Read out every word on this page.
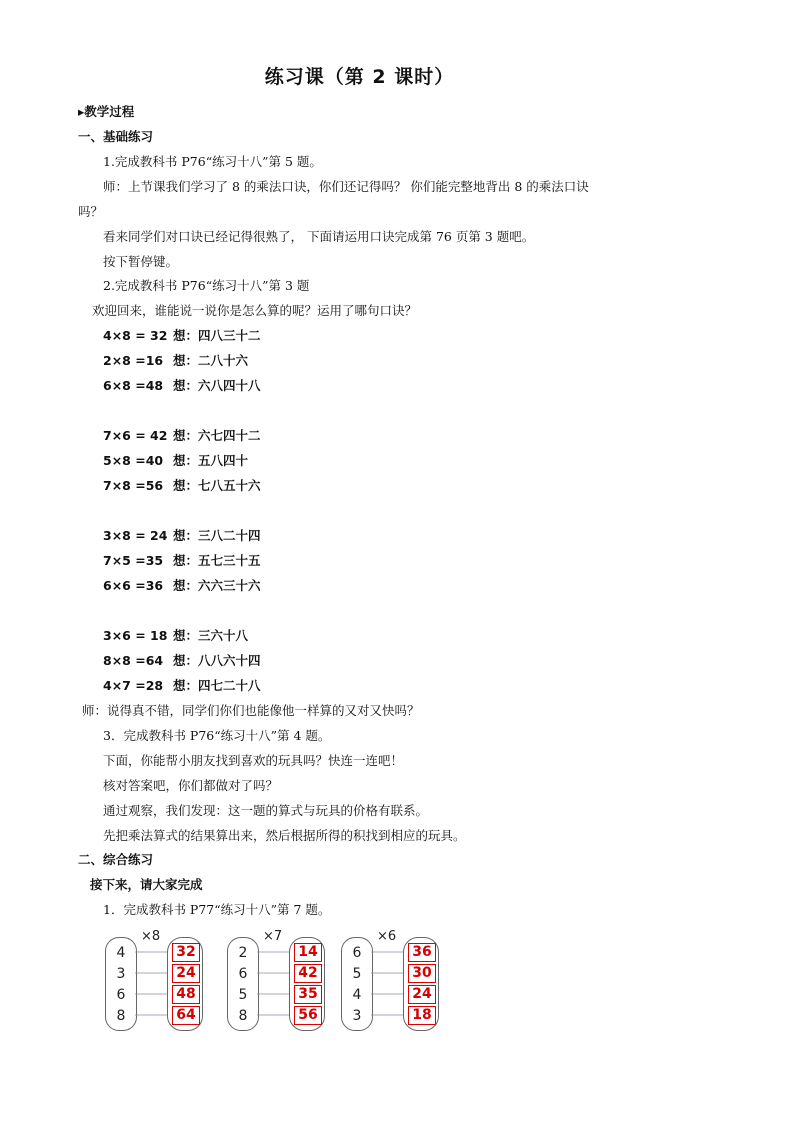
练习课（第 2 课时）
▸教学过程
一、基础练习
1.完成教科书 P76“练习十八”第 5 题。
师：上节课我们学习了 8 的乘法口诀，你们还记得吗？ 你们能完整地背出 8 的乘法口诀
吗？
看来同学们对口诀已经记得很熟了， 下面请运用口诀完成第 76 页第 3 题吧。
按下暂停键。
2.完成教科书 P76“练习十八”第 3 题
欢迎回来，谁能说一说你是怎么算的呢？运用了哪句口诀？
4×8 = 32 想：四八三十二
2×8 =16 想：二八十六
6×8 =48 想：六八四十八
7×6 = 42 想：六七四十二
5×8 =40 想：五八四十
7×8 =56 想：七八五十六
3×8 = 24 想：三八二十四
7×5 =35 想：五七三十五
6×6 =36 想：六六三十六
3×6 = 18 想：三六十八
8×8 =64 想：八八六十四
4×7 =28 想：四七二十八
师：说得真不错，同学们你们也能像他一样算的又对又快吗？
3．完成教科书 P76“练习十八”第 4 题。
下面，你能帮小朋友找到喜欢的玩具吗？快连一连吧！
核对答案吧，你们都做对了吗？
通过观察，我们发现：这一题的算式与玩具的价格有联系。
先把乘法算式的结果算出来，然后根据所得的积找到相应的玩具。
二、综合练习
接下来，请大家完成
1．完成教科书 P77“练习十八”第 7 题。
×8
4
3
6
8
32
24
48
64
×7
2
6
5
8
14
42
35
56
×6
6
5
4
3
36
30
24
18
